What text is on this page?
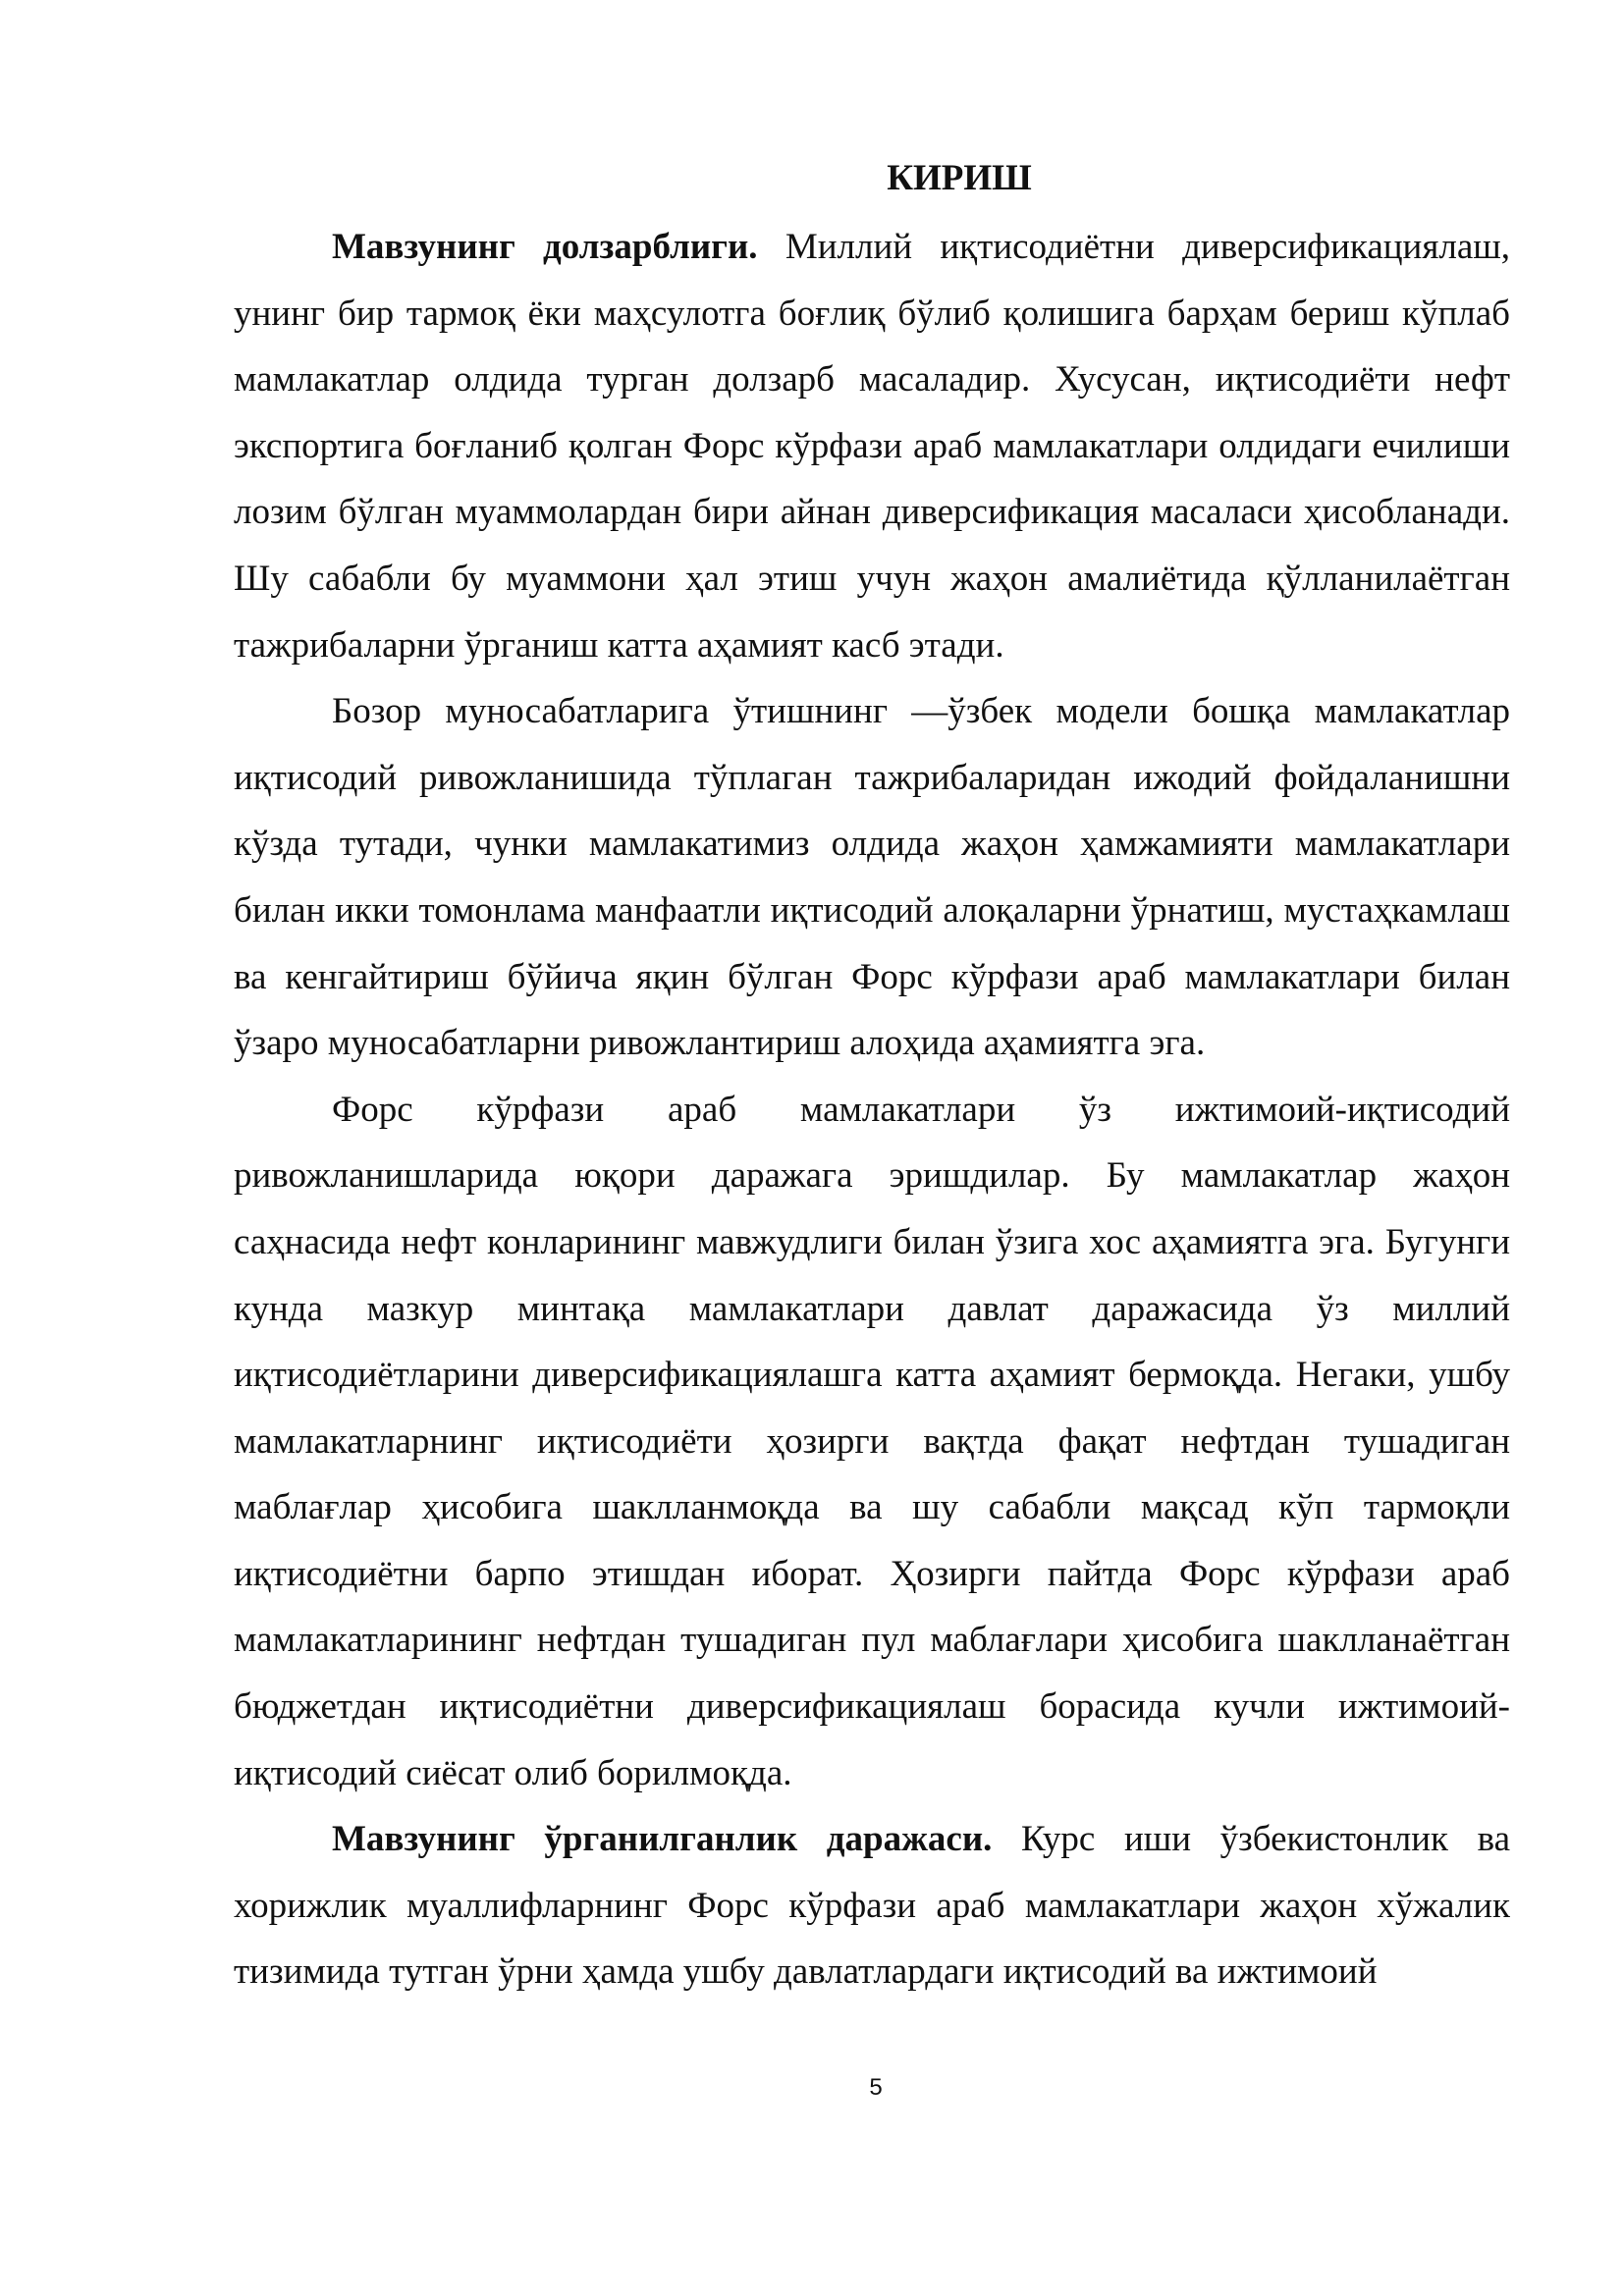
КИРИШ

Мавзунинг долзарблиги. Миллий иқтисодиётни диверсификациялаш, унинг бир тармоқ ёки маҳсулотга боғлиқ бўлиб қолишига барҳам бериш кўплаб мамлакатлар олдида турган долзарб масаладир. Хусусан, иқтисодиёти нефт экспортига боғланиб қолган Форс кўрфази араб мамлакатлари олдидаги ечилиши лозим бўлган муаммолардан бири айнан диверсификация масаласи ҳисобланади. Шу сабабли бу муаммони ҳал этиш учун жаҳон амалиётида қўлланилаётган тажрибаларни ўрганиш катта аҳамият касб этади.

Бозор муносабатларига ўтишнинг ―ўзбек модели бошқа мамлакатлар иқтисодий ривожланишида тўплаган тажрибаларидан ижодий фойдаланишни кўзда тутади, чунки мамлакатимиз олдида жаҳон ҳамжамияти мамлакатлари билан икки томонлама манфаатли иқтисодий алоқаларни ўрнатиш, мустаҳкамлаш ва кенгайтириш бўйича яқин бўлган Форс кўрфази араб мамлакатлари билан ўзаро муносабатларни ривожлантириш алоҳида аҳамиятга эга.

Форс кўрфази араб мамлакатлари ўз ижтимоий-иқтисодий ривожланишларида юқори даражага эришдилар. Бу мамлакатлар жаҳон саҳнасида нефт конларининг мавжудлиги билан ўзига хос аҳамиятга эга. Бугунги кунда мазкур минтақа мамлакатлари давлат даражасида ўз миллий иқтисодиётларини диверсификациялашга катта аҳамият бермоқда. Негаки, ушбу мамлакатларнинг иқтисодиёти ҳозирги вақтда фақат нефтдан тушадиган маблағлар ҳисобига шаклланмоқда ва шу сабабли мақсад кўп тармоқли иқтисодиётни барпо этишдан иборат. Ҳозирги пайтда Форс кўрфази араб мамлакатларининг нефтдан тушадиган пул маблағлари ҳисобига шаклланаётган бюджетдан иқтисодиётни диверсификациялаш борасида кучли ижтимоий-иқтисодий сиёсат олиб борилмоқда.

Мавзунинг ўрганилганлик даражаси. Курс иши ўзбекистонлик ва хорижлик муаллифларнинг Форс кўрфази араб мамлакатлари жаҳон хўжалик тизимида тутган ўрни ҳамда ушбу давлатлардаги иқтисодий ва ижтимоий

5
